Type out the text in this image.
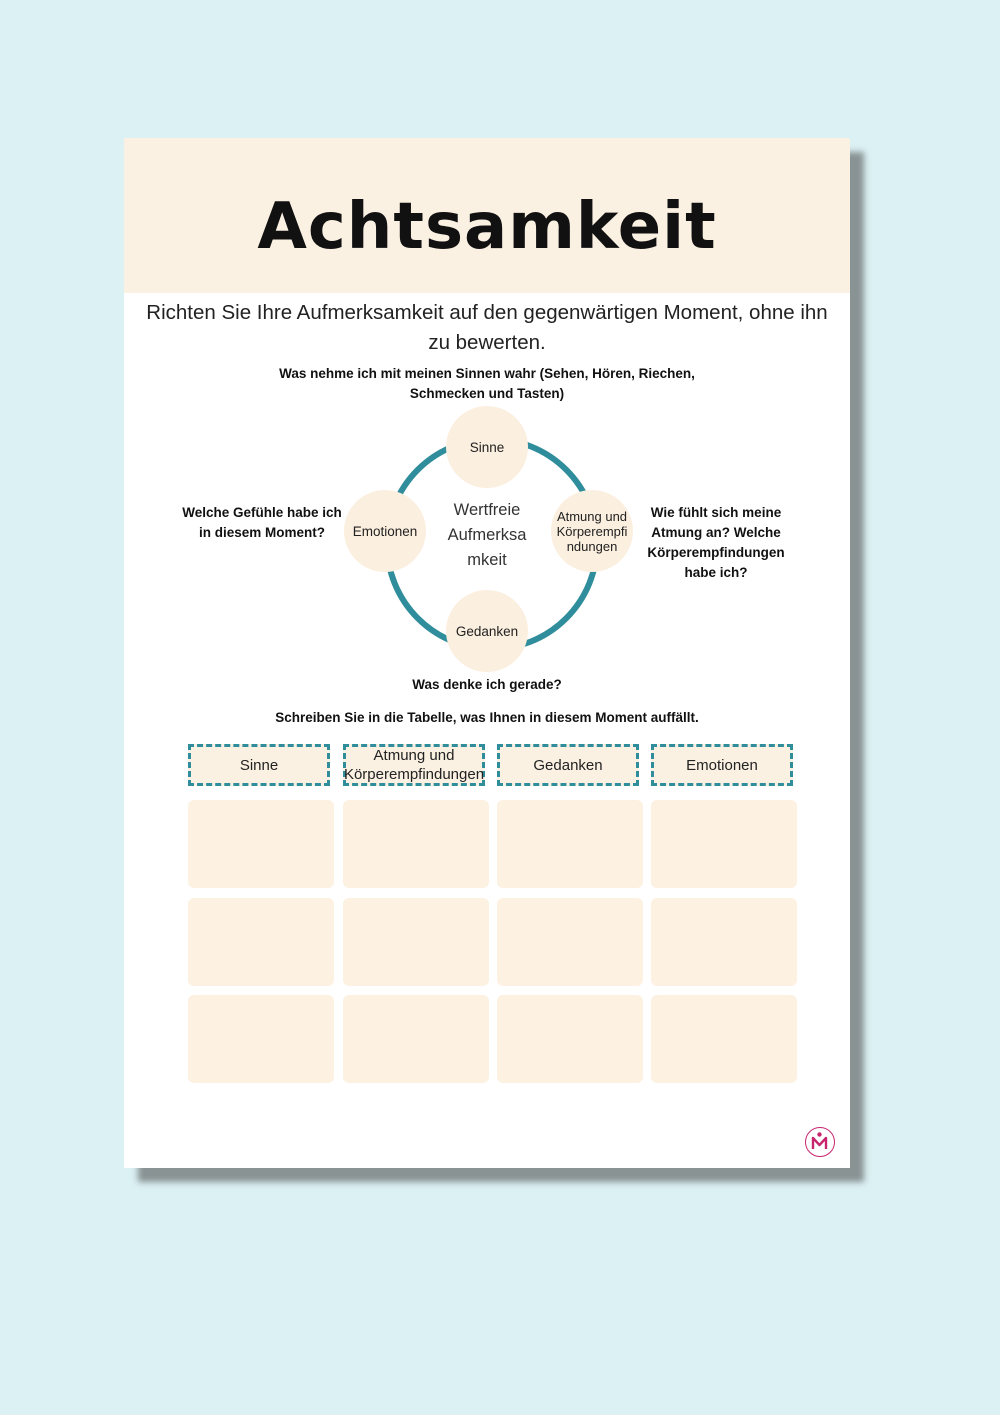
Achtsamkeit
Richten Sie Ihre Aufmerksamkeit auf den gegenwärtigen Moment, ohne ihn zu bewerten.
Was nehme ich mit meinen Sinnen wahr (Sehen, Hören, Riechen, Schmecken und Tasten)
Welche Gefühle habe ich in diesem Moment?
Wie fühlt sich meine Atmung an? Welche Körperempfindungen habe ich?
Was denke ich gerade?
Sinne
Atmung und Körperempfi ndungen
Gedanken
Emotionen
Wertfreie Aufmerksa mkeit
Schreiben Sie in die Tabelle, was Ihnen in diesem Moment auffällt.
Sinne
Atmung und Körperempfindungen
Gedanken	Emotionen
